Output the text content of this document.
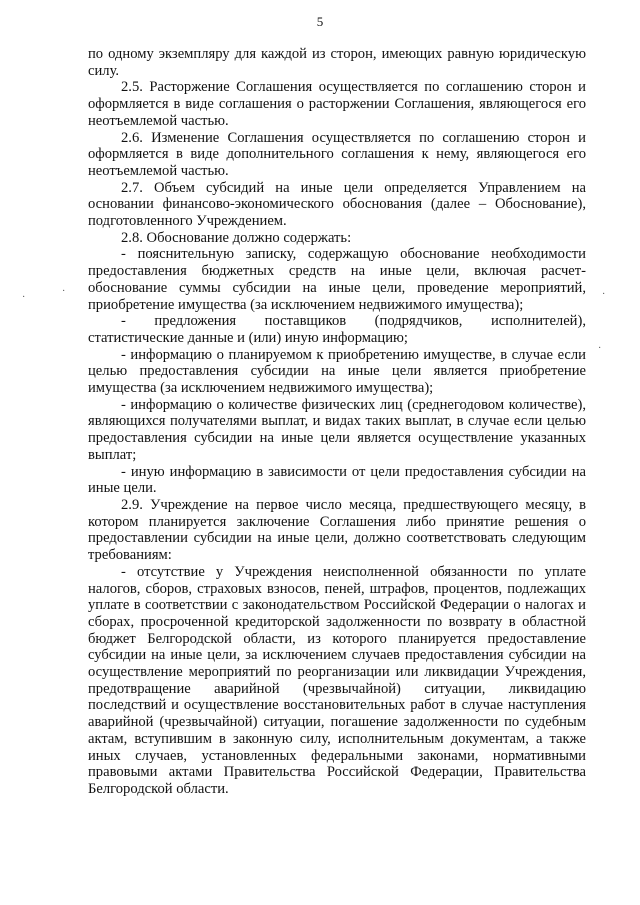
5

по одному экземпляру для каждой из сторон, имеющих равную юридическую силу.

2.5. Расторжение Соглашения осуществляется по соглашению сторон и оформляется в виде соглашения о расторжении Соглашения, являющегося его неотъемлемой частью.

2.6. Изменение Соглашения осуществляется по соглашению сторон и оформляется в виде дополнительного соглашения к нему, являющегося его неотъемлемой частью.

2.7. Объем субсидий на иные цели определяется Управлением на основании финансово-экономического обоснования (далее – Обоснование), подготовленного Учреждением.

2.8. Обоснование должно содержать:

- пояснительную записку, содержащую обоснование необходимости предоставления бюджетных средств на иные цели, включая расчет-обоснование суммы субсидии на иные цели, проведение мероприятий, приобретение имущества (за исключением недвижимого имущества);

- предложения поставщиков (подрядчиков, исполнителей), статистические данные и (или) иную информацию;

- информацию о планируемом к приобретению имуществе, в случае если целью предоставления субсидии на иные цели является приобретение имущества (за исключением недвижимого имущества);

- информацию о количестве физических лиц (среднегодовом количестве), являющихся получателями выплат, и видах таких выплат, в случае если целью предоставления субсидии на иные цели является осуществление указанных выплат;

- иную информацию в зависимости от цели предоставления субсидии на иные цели.

2.9. Учреждение на первое число месяца, предшествующего месяцу, в котором планируется заключение Соглашения либо принятие решения о предоставлении субсидии на иные цели, должно соответствовать следующим требованиям:

- отсутствие у Учреждения неисполненной обязанности по уплате налогов, сборов, страховых взносов, пеней, штрафов, процентов, подлежащих уплате в соответствии с законодательством Российской Федерации о налогах и сборах, просроченной кредиторской задолженности по возврату в областной бюджет Белгородской области, из которого планируется предоставление субсидии на иные цели, за исключением случаев предоставления субсидии на осуществление мероприятий по реорганизации или ликвидации Учреждения, предотвращение аварийной (чрезвычайной) ситуации, ликвидацию последствий и осуществление восстановительных работ в случае наступления аварийной (чрезвычайной) ситуации, погашение задолженности по судебным актам, вступившим в законную силу, исполнительным документам, а также иных случаев, установленных федеральными законами, нормативными правовыми актами Правительства Российской Федерации, Правительства Белгородской области.

·
·
·
·
